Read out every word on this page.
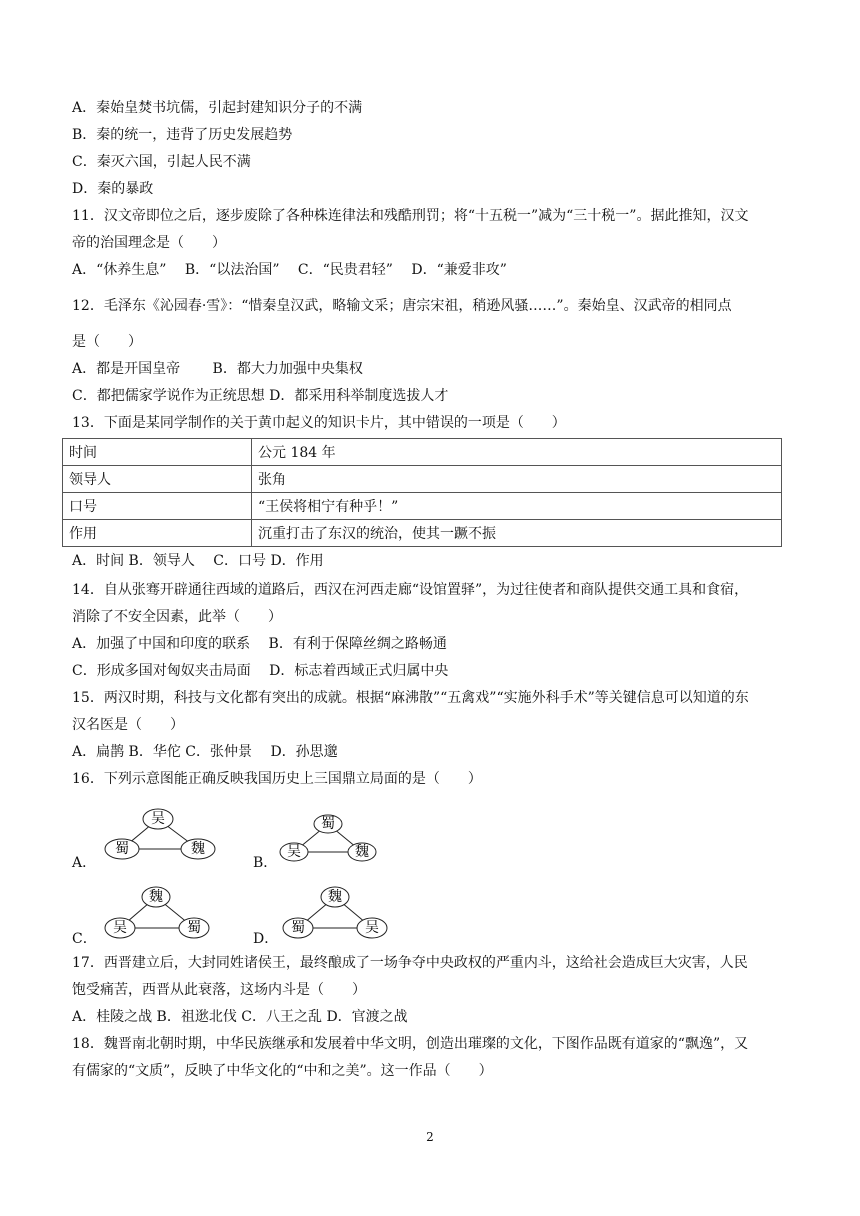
A．秦始皇焚书坑儒，引起封建知识分子的不满
B．秦的统一，违背了历史发展趋势
C．秦灭六国，引起人民不满
D．秦的暴政
11．汉文帝即位之后，逐步废除了各种株连律法和残酷刑罚；将“十五税一”减为“三十税一”。据此推知，汉文
帝的治国理念是（　　）
A．“休养生息”　 B．“以法治国”　 C．“民贵君轻”　 D．“兼爱非攻”
12．毛泽东《沁园春·雪》：“惜秦皇汉武，略输文采；唐宗宋祖，稍逊风骚……”。秦始皇、汉武帝的相同点
是（　　）
A．都是开国皇帝　　 B．都大力加强中央集权
C．都把儒家学说作为正统思想 D．都采用科举制度选拔人才
13．下面是某同学制作的关于黄巾起义的知识卡片，其中错误的一项是（　　）
时间	公元 184 年
领导人	张角
口号	“王侯将相宁有种乎！”
作用	沉重打击了东汉的统治，使其一蹶不振
A．时间 B．领导人　 C．口号 D．作用
14．自从张骞开辟通往西域的道路后，西汉在河西走廊“设馆置驿”，为过往使者和商队提供交通工具和食宿，
消除了不安全因素，此举（　　）
A．加强了中国和印度的联系　 B．有利于保障丝绸之路畅通
C．形成多国对匈奴夹击局面　 D．标志着西域正式归属中央
15．两汉时期，科技与文化都有突出的成就。根据“麻沸散”“五禽戏”“实施外科手术”等关键信息可以知道的东
汉名医是（　　）
A．扁鹊 B．华佗 C．张仲景　 D．孙思邈
16．下列示意图能正确反映我国历史上三国鼎立局面的是（　　）
A．
吴
蜀	魏
B．
蜀
吴	魏
C．
魏
吴	蜀
D．
魏
蜀	吴
17．西晋建立后，大封同姓诸侯王，最终酿成了一场争夺中央政权的严重内斗，这给社会造成巨大灾害，人民
饱受痛苦，西晋从此衰落，这场内斗是（　　）
A．桂陵之战 B．祖逖北伐 C．八王之乱 D．官渡之战
18．魏晋南北朝时期，中华民族继承和发展着中华文明，创造出璀璨的文化，下图作品既有道家的“飘逸”，又
有儒家的“文质”，反映了中华文化的“中和之美”。这一作品（　　）
2
